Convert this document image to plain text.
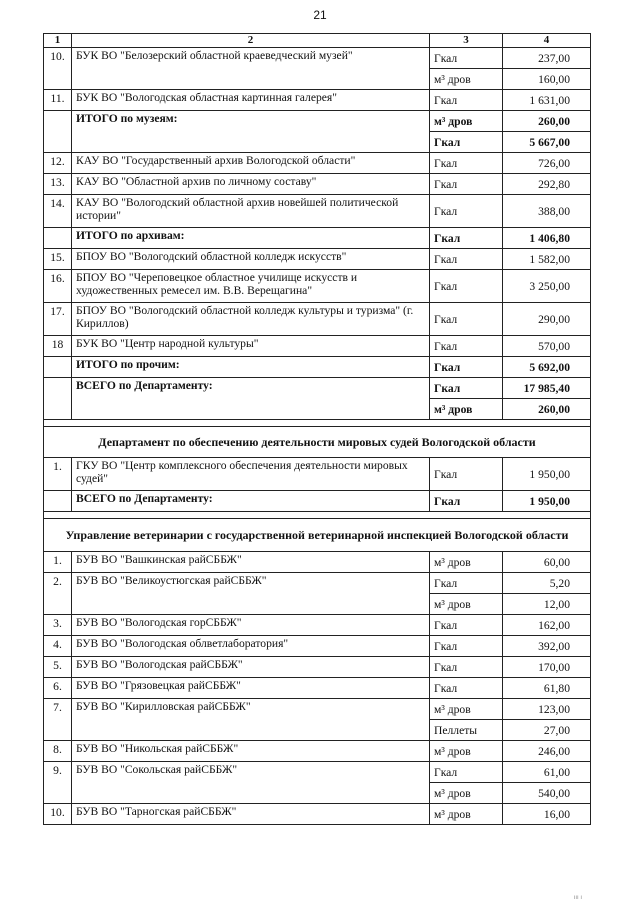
21
1	2	3	4
10.	БУК ВО "Белозерский областной краеведческий музей"	Гкал	237,00
		м³ дров	160,00
11.	БУК ВО "Вологодская областная картинная галерея"	Гкал	1 631,00
	ИТОГО по музеям:	м³ дров	260,00
		Гкал	5 667,00
12.	КАУ ВО "Государственный архив Вологодской области"	Гкал	726,00
13.	КАУ ВО "Областной архив по личному составу"	Гкал	292,80
14.	КАУ ВО "Вологодский областной архив новейшей политической истории"	Гкал	388,00
	ИТОГО по архивам:	Гкал	1 406,80
15.	БПОУ ВО "Вологодский областной колледж искусств"	Гкал	1 582,00
16.	БПОУ ВО "Череповецкое областное училище искусств и художественных ремесел им. В.В. Верещагина"	Гкал	3 250,00
17.	БПОУ ВО "Вологодский областной колледж культуры и туризма" (г. Кириллов)	Гкал	290,00
18	БУК ВО "Центр народной культуры"	Гкал	570,00
	ИТОГО по прочим:	Гкал	5 692,00
	ВСЕГО по Департаменту:	Гкал	17 985,40
		м³ дров	260,00

Департамент по обеспечению деятельности мировых судей Вологодской области			
1.	ГКУ ВО "Центр комплексного обеспечения деятельности мировых судей"	Гкал	1 950,00
	ВСЕГО по Департаменту:	Гкал	1 950,00

Управление ветеринарии с государственной ветеринарной инспекцией Вологодской области			
1.	БУВ ВО "Вашкинская райСББЖ"	м³ дров	60,00
2.	БУВ ВО "Великоустюгская райСББЖ"	Гкал	5,20
		м³ дров	12,00
3.	БУВ ВО "Вологодская горСББЖ"	Гкал	162,00
4.	БУВ ВО "Вологодская облветлаборатория"	Гкал	392,00
5.	БУВ ВО "Вологодская райСББЖ"	Гкал	170,00
6.	БУВ ВО "Грязовецкая райСББЖ"	Гкал	61,80
7.	БУВ ВО "Кирилловская райСББЖ"	м³ дров	123,00
		Пеллеты	27,00
8.	БУВ ВО "Никольская райСББЖ"	м³ дров	246,00
9.	БУВ ВО "Сокольская райСББЖ"	Гкал	61,00
		м³ дров	540,00
10.	БУВ ВО "Тарногская райСББЖ"	м³ дров	16,00
ııı ı
